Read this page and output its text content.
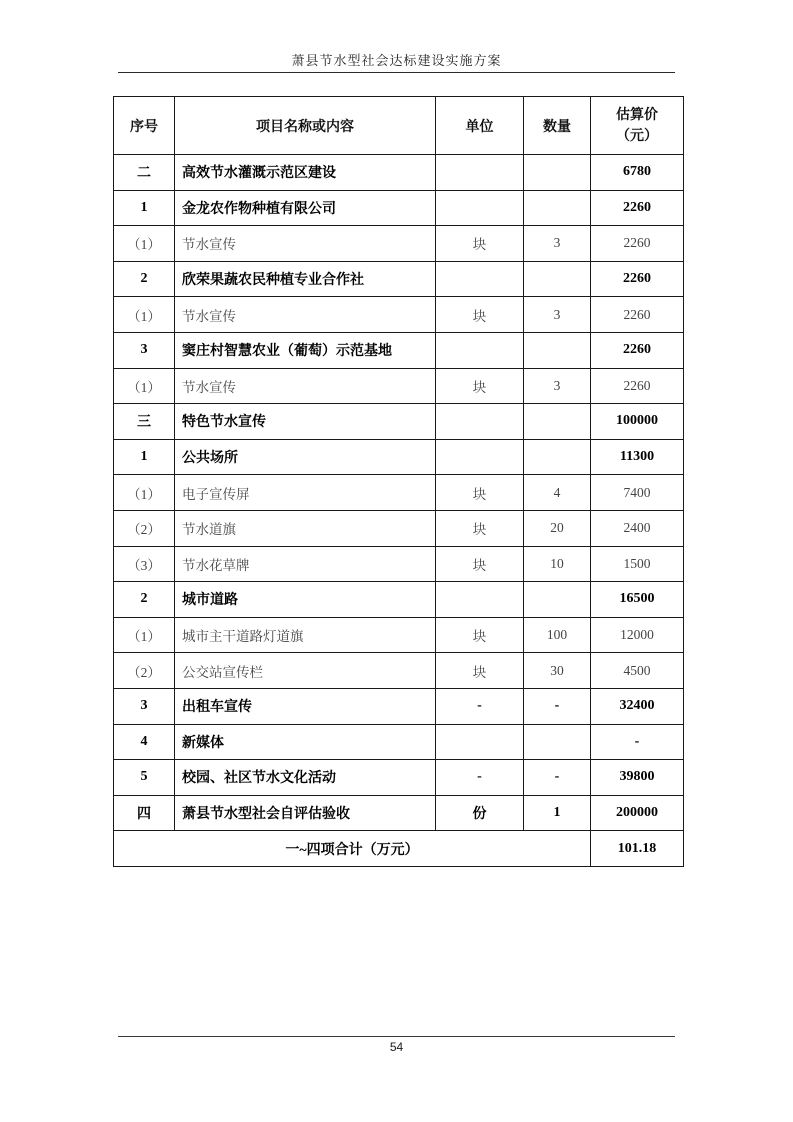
萧县节水型社会达标建设实施方案
序号	项目名称或内容	单位	数量	估算价
（元）

二	高效节水灌溉示范区建设			6780
1	金龙农作物种植有限公司			2260
（1）	节水宣传	块	3	2260
2	欣荣果蔬农民种植专业合作社			2260
（1）	节水宣传	块	3	2260
3	窦庄村智慧农业（葡萄）示范基地			2260
（1）	节水宣传	块	3	2260
三	特色节水宣传			100000
1	公共场所			11300
（1）	电子宣传屏	块	4	7400
（2）	节水道旗	块	20	2400
（3）	节水花草牌	块	10	1500
2	城市道路			16500
（1）	城市主干道路灯道旗	块	100	12000
（2）	公交站宣传栏	块	30	4500
3	出租车宣传	-	-	32400
4	新媒体			-
5	校园、社区节水文化活动	-	-	39800
四	萧县节水型社会自评估验收	份	1	200000
一~四项合计（万元）				101.18
54
